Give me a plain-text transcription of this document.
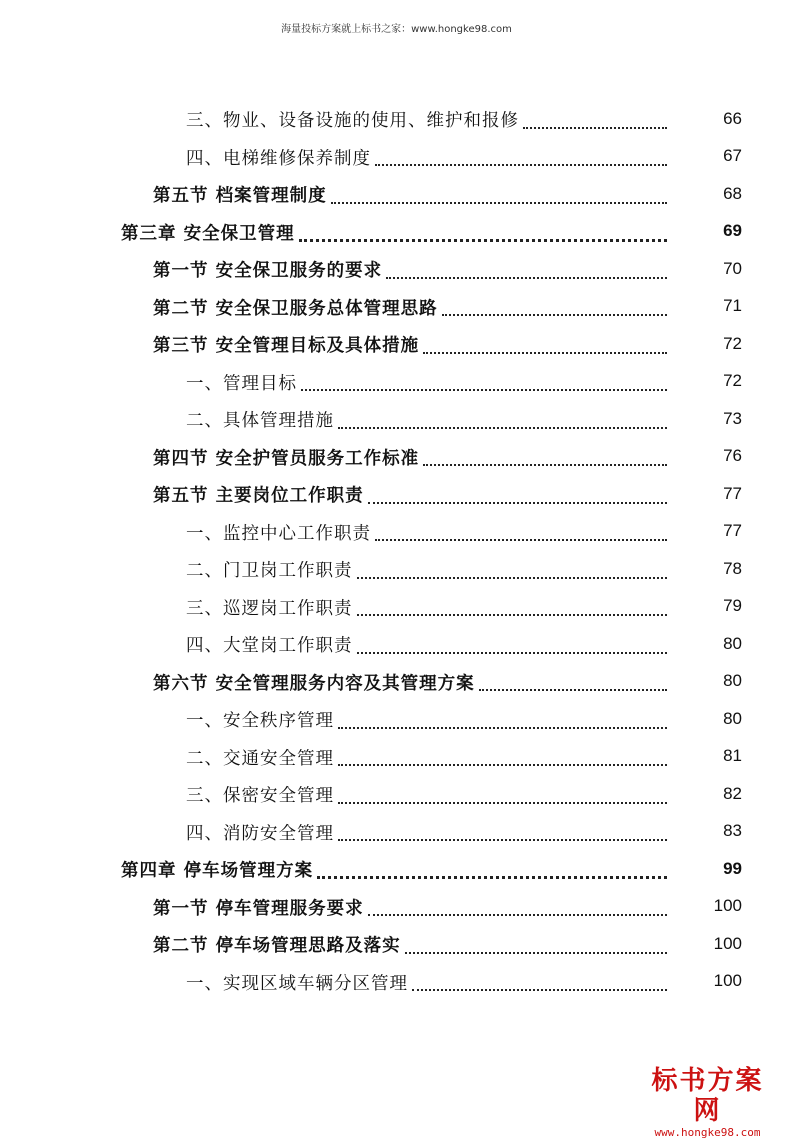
海量投标方案就上标书之家：www.hongke98.com
三、物业、设备设施的使用、维护和报修	66
四、电梯维修保养制度	67
第五节 档案管理制度	68
第三章 安全保卫管理	69
第一节 安全保卫服务的要求	70
第二节 安全保卫服务总体管理思路	71
第三节 安全管理目标及具体措施	72
一、管理目标	72
二、具体管理措施	73
第四节 安全护管员服务工作标准	76
第五节 主要岗位工作职责	77
一、监控中心工作职责	77
二、门卫岗工作职责	78
三、巡逻岗工作职责	79
四、大堂岗工作职责	80
第六节 安全管理服务内容及其管理方案	80
一、安全秩序管理	80
二、交通安全管理	81
三、保密安全管理	82
四、消防安全管理	83
第四章 停车场管理方案	99
第一节 停车管理服务要求	100
第二节 停车场管理思路及落实	100
一、实现区域车辆分区管理	100
标书方案网
www.hongke98.com
